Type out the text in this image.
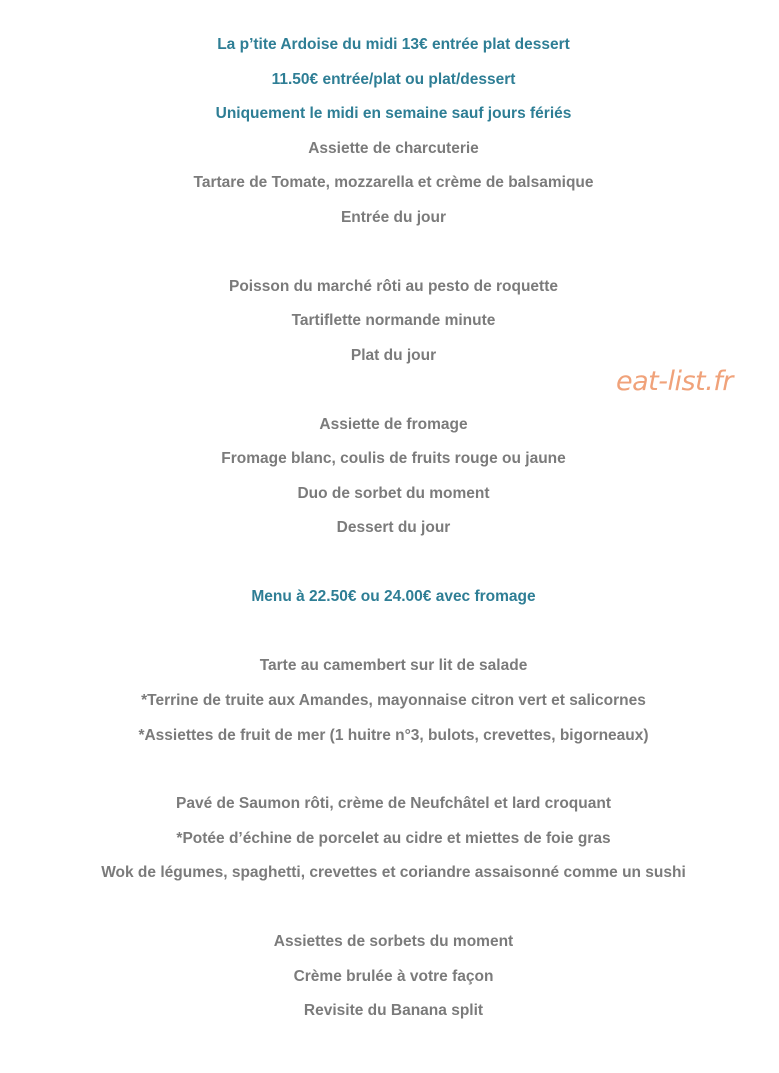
La p’tite Ardoise du midi 13€ entrée plat dessert
11.50€ entrée/plat ou plat/dessert
Uniquement le midi en semaine sauf jours fériés
Assiette de charcuterie
Tartare de Tomate, mozzarella et crème de balsamique
Entrée du jour
Poisson du marché rôti au pesto de roquette
Tartiflette normande minute
Plat du jour
Assiette de fromage
Fromage blanc, coulis de fruits rouge ou jaune
Duo de sorbet du moment
Dessert du jour
Menu à 22.50€ ou 24.00€ avec fromage
Tarte au camembert sur lit de salade
*Terrine de truite aux Amandes, mayonnaise citron vert et salicornes
*Assiettes de fruit de mer (1 huitre n°3, bulots, crevettes, bigorneaux)
Pavé de Saumon rôti, crème de Neufchâtel et lard croquant
*Potée d’échine de porcelet au cidre et miettes de foie gras
Wok de légumes, spaghetti, crevettes et coriandre assaisonné comme un sushi
Assiettes de sorbets du moment
Crème brulée à votre façon
Revisite du Banana split
eat-list.fr
